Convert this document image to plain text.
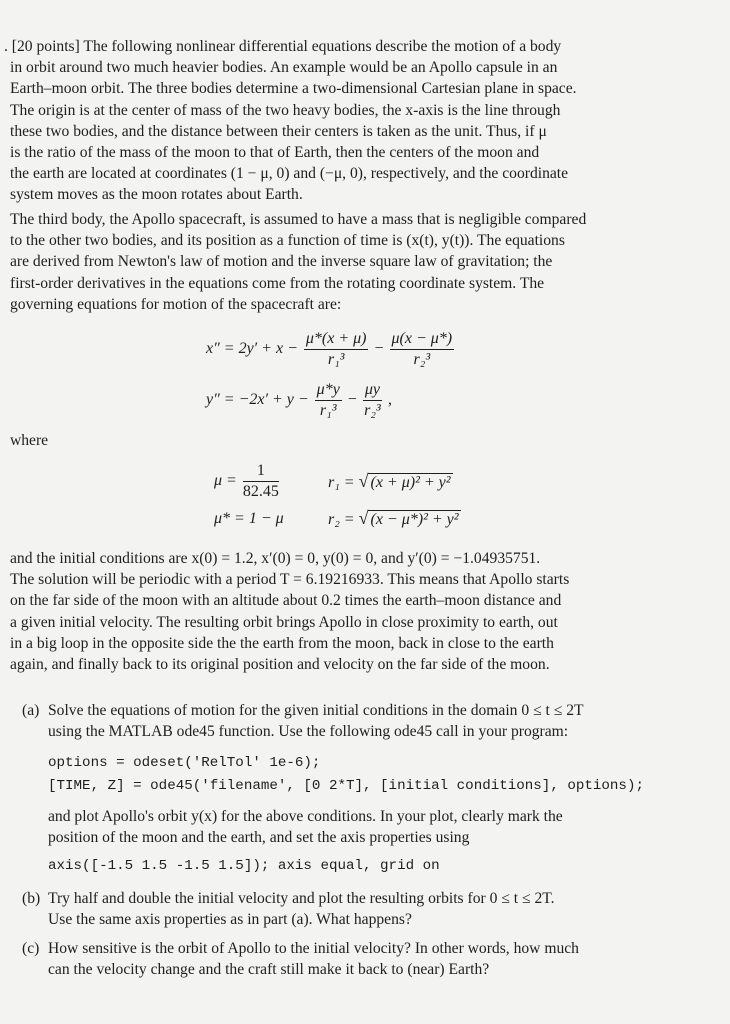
. [20 points] The following nonlinear differential equations describe the motion of a body
in orbit around two much heavier bodies. An example would be an Apollo capsule in an
Earth–moon orbit. The three bodies determine a two-dimensional Cartesian plane in space.
The origin is at the center of mass of the two heavy bodies, the x-axis is the line through
these two bodies, and the distance between their centers is taken as the unit. Thus, if μ
is the ratio of the mass of the moon to that of Earth, then the centers of the moon and
the earth are located at coordinates (1 − μ, 0) and (−μ, 0), respectively, and the coordinate
system moves as the moon rotates about Earth.
The third body, the Apollo spacecraft, is assumed to have a mass that is negligible compared
to the other two bodies, and its position as a function of time is (x(t), y(t)). The equations
are derived from Newton's law of motion and the inverse square law of gravitation; the
first-order derivatives in the equations come from the rotating coordinate system. The
governing equations for motion of the spacecraft are:
$x'' = 2y' + x - \frac{\mu*(x + \mu)}{\text{r₁³}} - \frac{\mu(x - \mu*)}{\text{r₂³}}$
$y'' = -2x' + y - \frac{\mu*y}{\text{r₁³}} - \frac{\mu y}{\text{r₂³}}$ ,
where
$\mu = \frac{1}{82.45}$
μ* = 1 − μ
r₁ = √ (x + μ)² + y²
r₂ = √ (x − μ*)² + y²
and the initial conditions are x(0) = 1.2, x′(0) = 0, y(0) = 0, and y′(0) = −1.04935751.
The solution will be periodic with a period T = 6.19216933. This means that Apollo starts
on the far side of the moon with an altitude about 0.2 times the earth–moon distance and
a given initial velocity. The resulting orbit brings Apollo in close proximity to earth, out
in a big loop in the opposite side the the earth from the moon, back in close to the earth
again, and finally back to its original position and velocity on the far side of the moon.
(a) Solve the equations of motion for the given initial conditions in the domain 0 ≤ t ≤ 2T
using the MATLAB ode45 function. Use the following ode45 call in your program:
options = odeset('RelTol' 1e-6);
[TIME, Z] = ode45('filename', [0 2*T], [initial conditions], options);
and plot Apollo's orbit y(x) for the above conditions. In your plot, clearly mark the
position of the moon and the earth, and set the axis properties using
axis([-1.5 1.5 -1.5 1.5]); axis equal, grid on
(b) Try half and double the initial velocity and plot the resulting orbits for 0 ≤ t ≤ 2T.
Use the same axis properties as in part (a). What happens?
(c) How sensitive is the orbit of Apollo to the initial velocity? In other words, how much
can the velocity change and the craft still make it back to (near) Earth?
